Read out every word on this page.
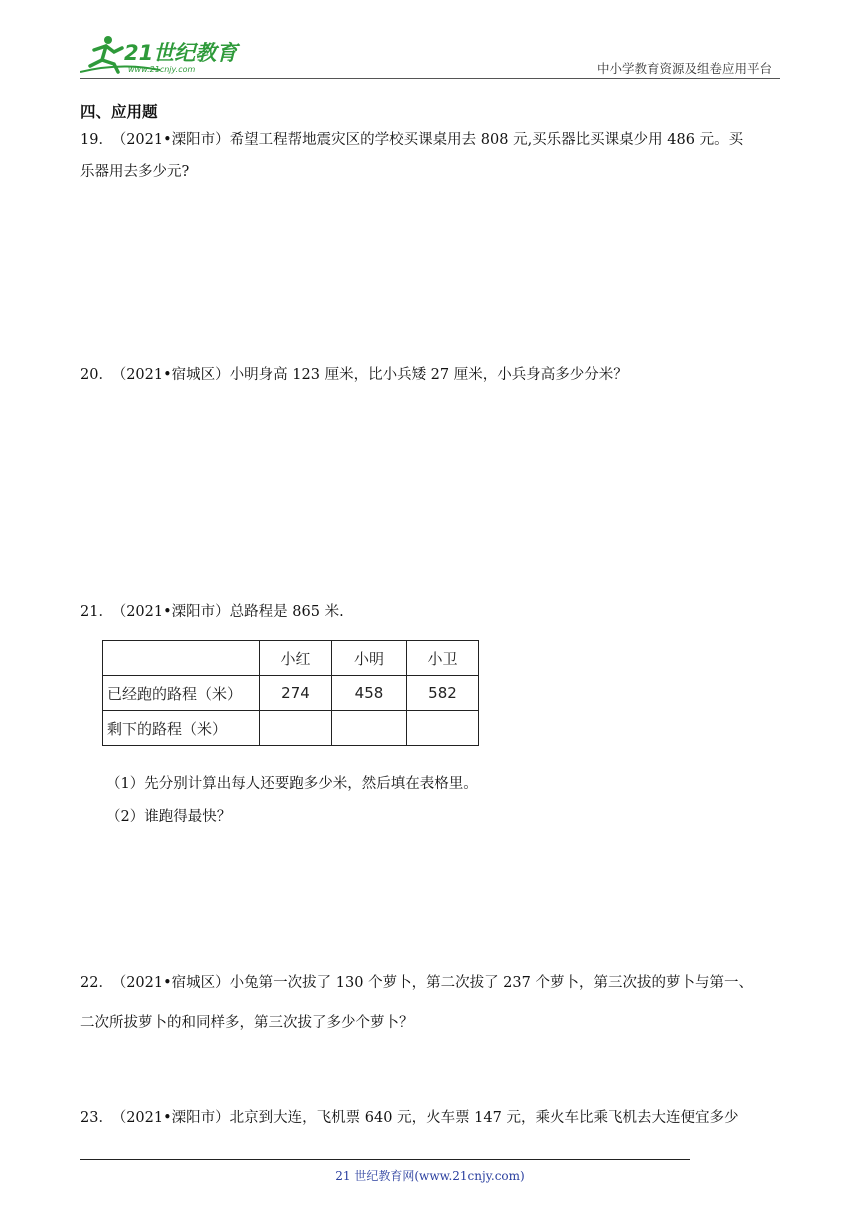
21世纪教育
www.21cnjy.com	中小学教育资源及组卷应用平台
四、应用题
19． （2021•溧阳市）希望工程帮地震灾区的学校买课桌用去 808 元,买乐器比买课桌少用 486 元。买
乐器用去多少元?
20． （2021•宿城区）小明身高 123 厘米，比小兵矮 27 厘米，小兵身高多少分米？
21． （2021•溧阳市）总路程是 865 米.
	小红	小明	小卫
已经跑的路程（米）	274	458	582
剩下的路程（米）			
（1）先分别计算出每人还要跑多少米，然后填在表格里。
（2）谁跑得最快？
22． （2021•宿城区）小兔第一次拔了 130 个萝卜，第二次拔了 237 个萝卜，第三次拔的萝卜与第一、
二次所拔萝卜的和同样多，第三次拔了多少个萝卜？
23． （2021•溧阳市）北京到大连，飞机票 640 元，火车票 147 元，乘火车比乘飞机去大连便宜多少
21 世纪教育网(www.21cnjy.com)
